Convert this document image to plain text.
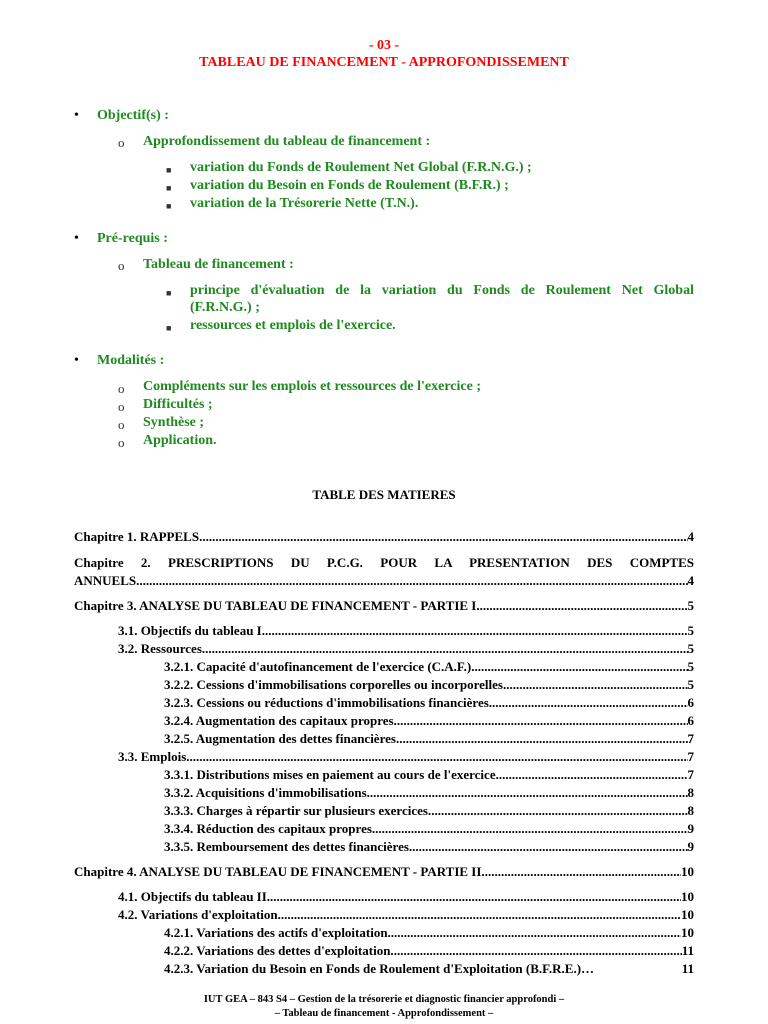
- 03 -
TABLEAU DE FINANCEMENT - APPROFONDISSEMENT
• Objectif(s) :
o Approfondissement du tableau de financement :
■ variation du Fonds de Roulement Net Global (F.R.N.G.) ;
■ variation du Besoin en Fonds de Roulement (B.F.R.) ;
■ variation de la Trésorerie Nette (T.N.).
• Pré-requis :
o Tableau de financement :
■ principe d'évaluation de la variation du Fonds de Roulement Net Global
(F.R.N.G.) ;
■ ressources et emplois de l'exercice.
• Modalités :
o Compléments sur les emplois et ressources de l'exercice ;
o Difficultés ;
o Synthèse ;
o Application.
TABLE DES MATIERES
Chapitre 1. RAPPELS. .....	4
Chapitre 2. PRESCRIPTIONS DU P.C.G. POUR LA PRESENTATION DES COMPTES
ANNUELS .....	4
Chapitre 3. ANALYSE DU TABLEAU DE FINANCEMENT - PARTIE I. .....	5
3.1. Objectifs du tableau I. .....	5
3.2. Ressources. .....	5
3.2.1. Capacité d'autofinancement de l'exercice (C.A.F.). .....	5
3.2.2. Cessions d'immobilisations corporelles ou incorporelles .....	5
3.2.3. Cessions ou réductions d'immobilisations financières. .....	6
3.2.4. Augmentation des capitaux propres. .....	6
3.2.5. Augmentation des dettes financières. .....	7
3.3. Emplois. .....	7
3.3.1. Distributions mises en paiement au cours de l'exercice. .....	7
3.3.2. Acquisitions d'immobilisations. .....	8
3.3.3. Charges à répartir sur plusieurs exercices. .....	8
3.3.4. Réduction des capitaux propres. .....	9
3.3.5. Remboursement des dettes financières .....	9
Chapitre 4. ANALYSE DU TABLEAU DE FINANCEMENT - PARTIE II. .....	10
4.1. Objectifs du tableau II. .....	10
4.2. Variations d'exploitation. .....	10
4.2.1. Variations des actifs d'exploitation. .....	10
4.2.2. Variations des dettes d'exploitation. .....	11
4.2.3. Variation du Besoin en Fonds de Roulement d'Exploitation (B.F.R.E.)…	11
IUT GEA – 843 S4 – Gestion de la trésorerie et diagnostic financier approfondi –
– Tableau de financement - Approfondissement –
